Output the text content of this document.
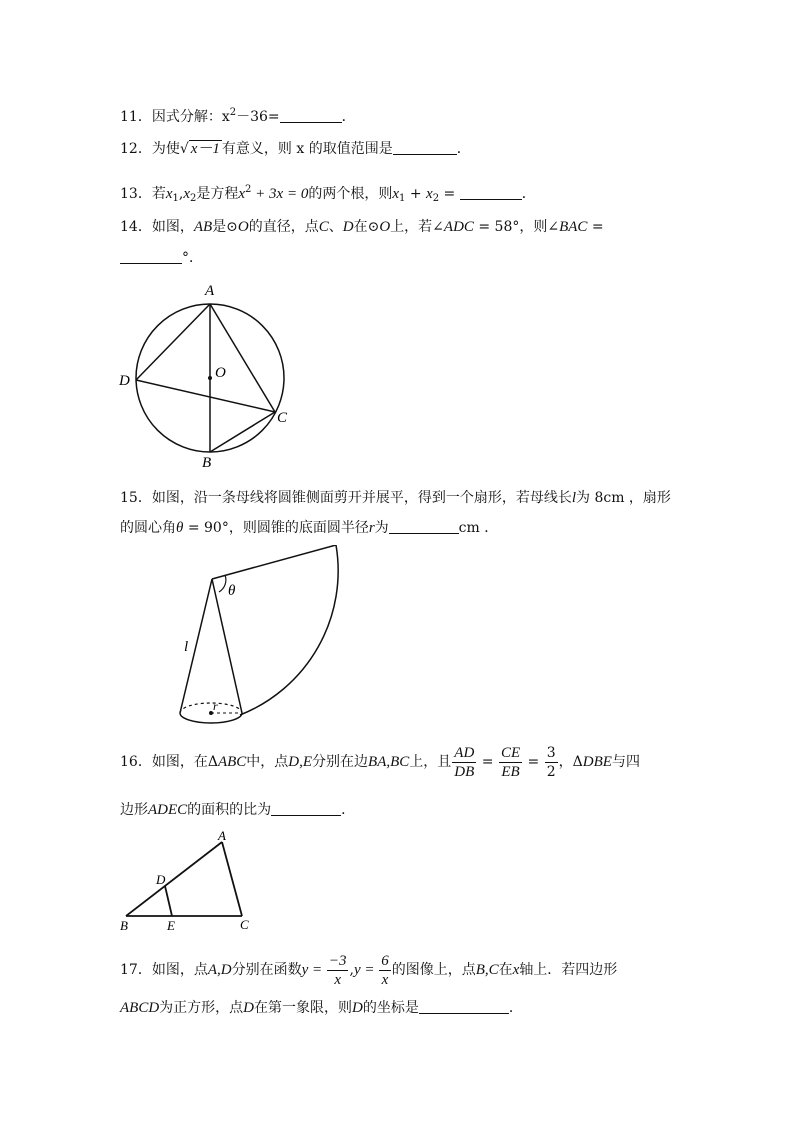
11．因式分解：$x^2-36=$	．
12．为使√ x－1 有意义，则 x 的取值范围是	．
13．若$x_1,x_2$是方程$x^2 + 3x = 0$的两个根，则$x_1 + x_2$ =	．
14．如图，AB是⊙O的直径，点C、D在⊙O上，若∠ADC = 58°，则∠BAC =
°．
A
B
C
D	O
15．如图，沿一条母线将圆锥侧面剪开并展平，得到一个扇形，若母线长l为 8cm ，扇形
的圆心角θ = 90°，则圆锥的底面圆半径r为	cm ．
θ
l
r
16．如图，在ΔABC中，点D,E分别在边BA,BC上，且 $\frac{AD}{DB} = \frac{CE}{EB} = \frac{3}{2}$ ，ΔDBE与四
边形ADEC的面积的比为	．
A
B	C
D
E
17．如图，点A,D分别在函数$y = \frac{-3}{x} ,y = \frac{6}{x}$ 的图像上，点B,C在x轴上．若四边形
ABCD为正方形，点D在第一象限，则D的坐标是	．
